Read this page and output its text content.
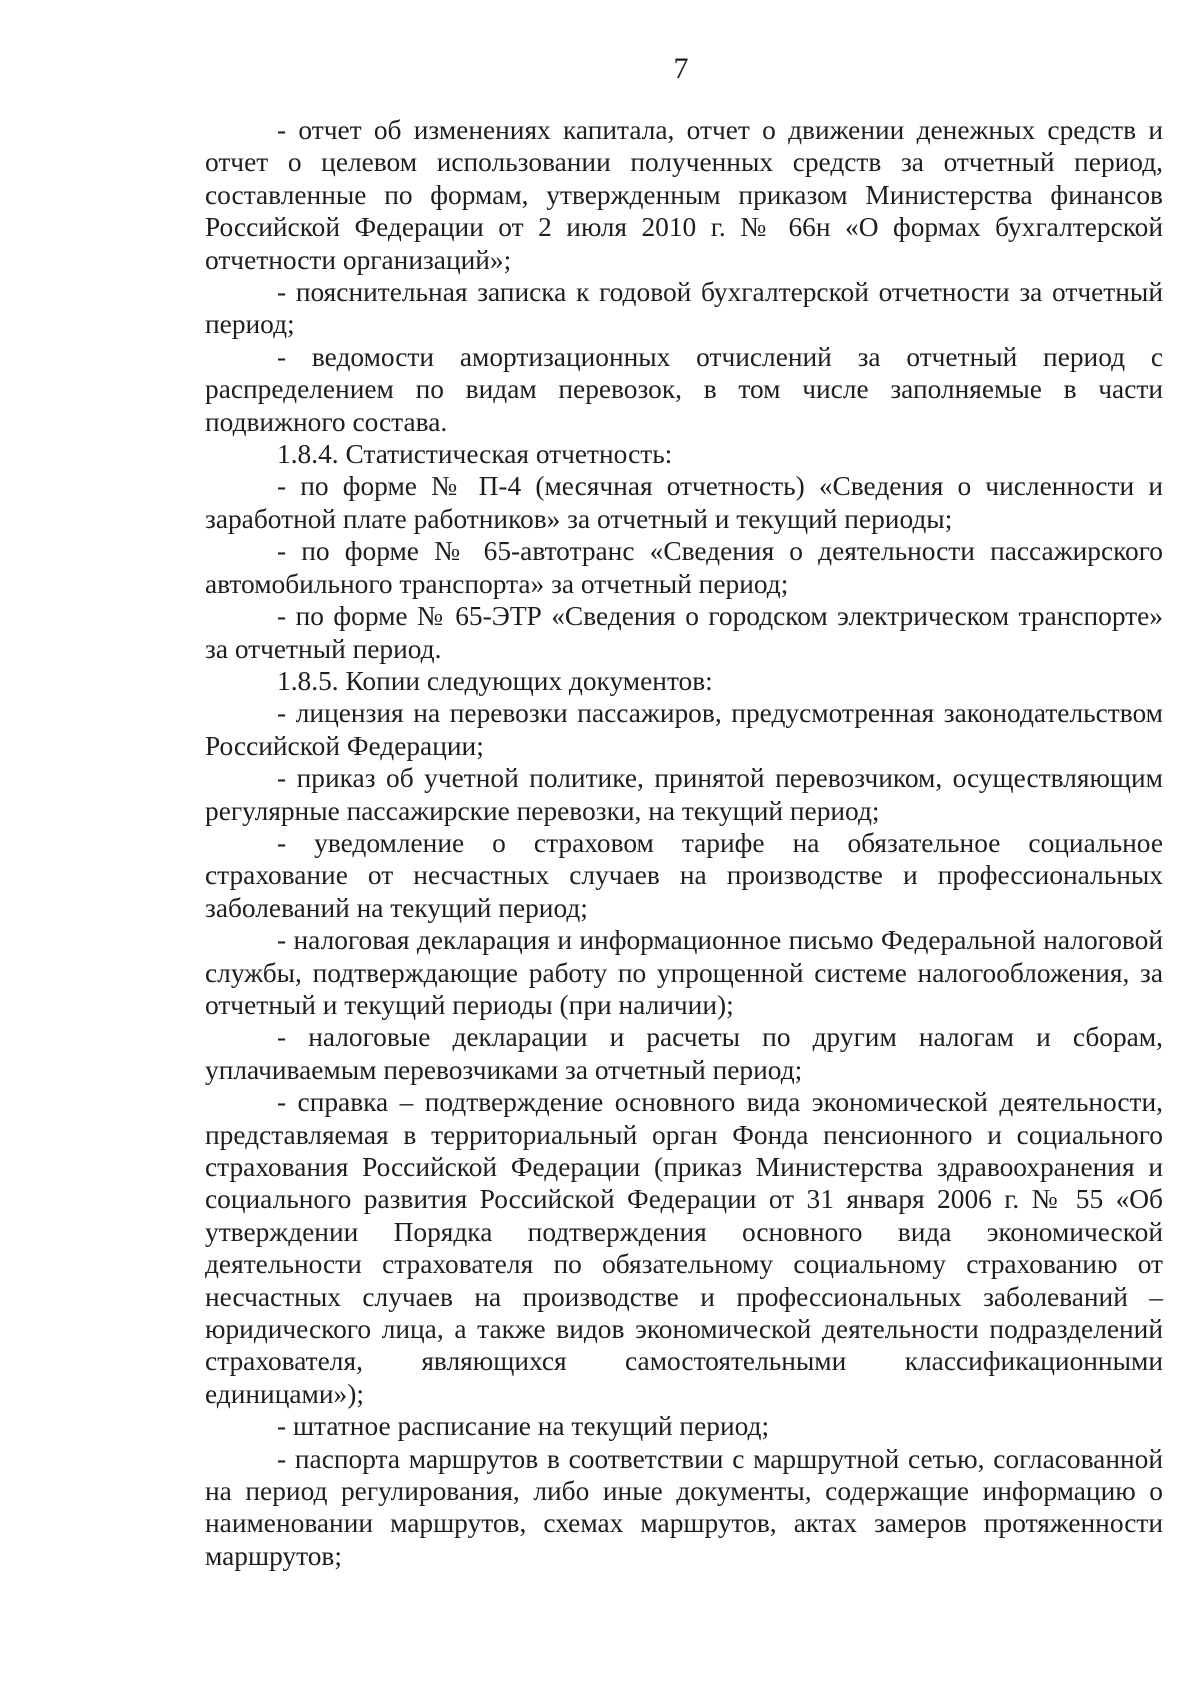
7

- отчет об изменениях капитала, отчет о движении денежных средств и отчет о целевом использовании полученных средств за отчетный период, составленные по формам, утвержденным приказом Министерства финансов Российской Федерации от 2 июля 2010 г. № 66н «О формах бухгалтерской отчетности организаций»;

- пояснительная записка к годовой бухгалтерской отчетности за отчетный период;

- ведомости амортизационных отчислений за отчетный период с распределением по видам перевозок, в том числе заполняемые в части подвижного состава.

1.8.4. Статистическая отчетность:

- по форме № П-4 (месячная отчетность) «Сведения о численности и заработной плате работников» за отчетный и текущий периоды;

- по форме № 65-автотранс «Сведения о деятельности пассажирского автомобильного транспорта» за отчетный период;

- по форме № 65-ЭТР «Сведения о городском электрическом транспорте» за отчетный период.

1.8.5. Копии следующих документов:

- лицензия на перевозки пассажиров, предусмотренная законодательством Российской Федерации;

- приказ об учетной политике, принятой перевозчиком, осуществляющим регулярные пассажирские перевозки, на текущий период;

- уведомление о страховом тарифе на обязательное социальное страхование от несчастных случаев на производстве и профессиональных заболеваний на текущий период;

- налоговая декларация и информационное письмо Федеральной налоговой службы, подтверждающие работу по упрощенной системе налогообложения, за отчетный и текущий периоды (при наличии);

- налоговые декларации и расчеты по другим налогам и сборам, уплачиваемым перевозчиками за отчетный период;

- справка – подтверждение основного вида экономической деятельности, представляемая в территориальный орган Фонда пенсионного и социального страхования Российской Федерации (приказ Министерства здравоохранения и социального развития Российской Федерации от 31 января 2006 г. № 55 «Об утверждении Порядка подтверждения основного вида экономической деятельности страхователя по обязательному социальному страхованию от несчастных случаев на производстве и профессиональных заболеваний – юридического лица, а также видов экономической деятельности подразделений страхователя, являющихся самостоятельными классификационными единицами»);

- штатное расписание на текущий период;

- паспорта маршрутов в соответствии с маршрутной сетью, согласованной на период регулирования, либо иные документы, содержащие информацию о наименовании маршрутов, схемах маршрутов, актах замеров протяженности маршрутов;
